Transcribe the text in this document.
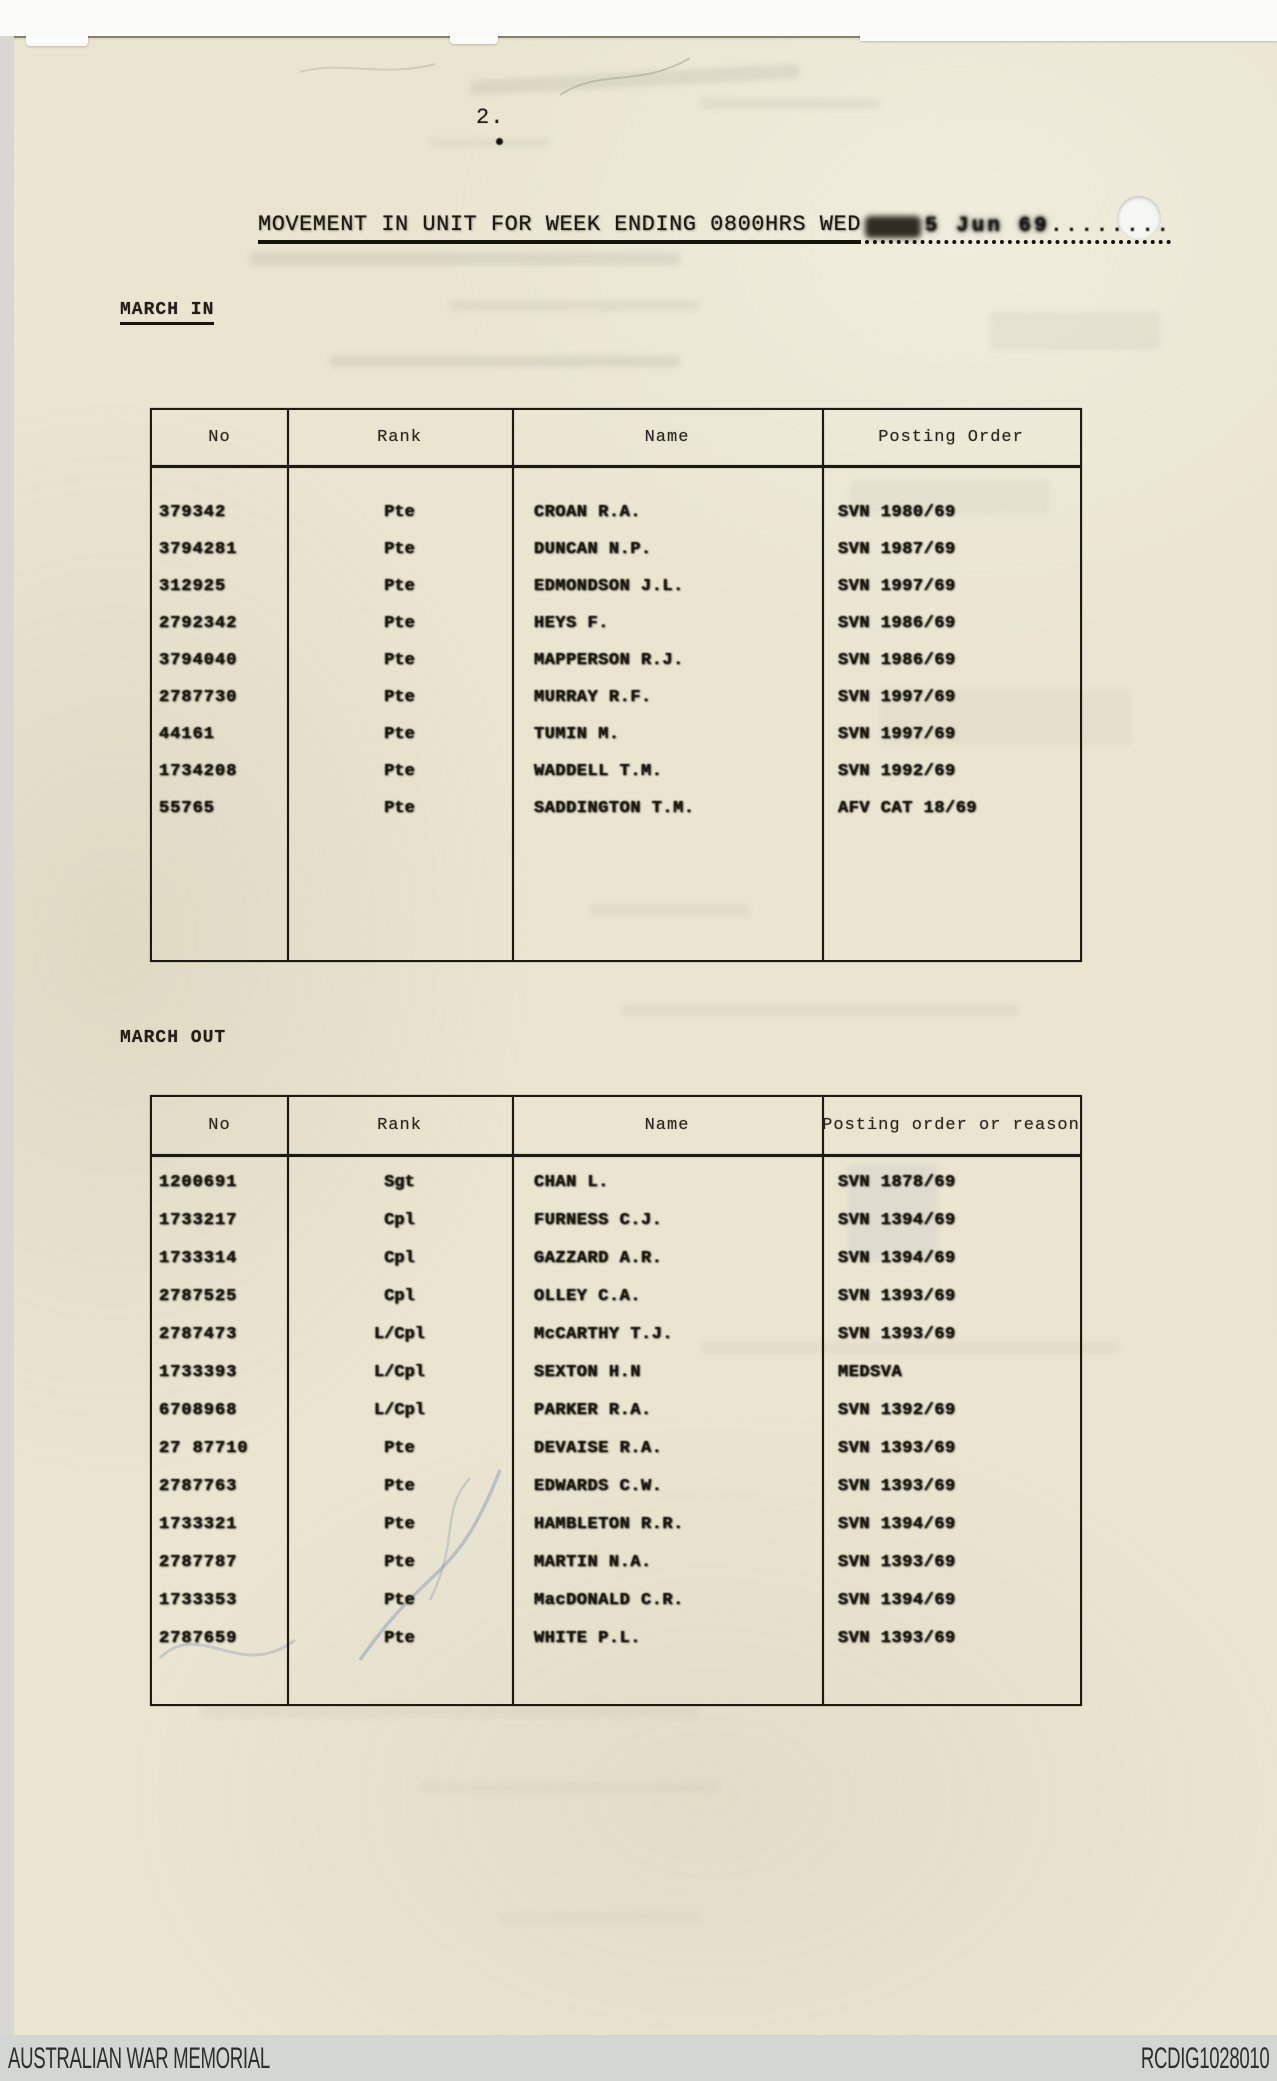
2.
MOVEMENT IN UNIT FOR WEEK ENDING 0800HRS WED	5 Jun 69 ........
MARCH IN
No	Rank	Name	Posting Order
379342	Pte	CROAN R.A.	SVN 1980/69
3794281	Pte	DUNCAN N.P.	SVN 1987/69
312925	Pte	EDMONDSON J.L.	SVN 1997/69
2792342	Pte	HEYS F.	SVN 1986/69
3794040	Pte	MAPPERSON R.J.	SVN 1986/69
2787730	Pte	MURRAY R.F.	SVN 1997/69
44161	Pte	TUMIN M.	SVN 1997/69
1734208	Pte	WADDELL T.M.	SVN 1992/69
55765	Pte	SADDINGTON T.M.	AFV CAT 18/69
MARCH OUT
No	Rank	Name	Posting order or reason
1200691	Sgt	CHAN L.	SVN 1878/69
1733217	Cpl	FURNESS C.J.	SVN 1394/69
1733314	Cpl	GAZZARD A.R.	SVN 1394/69
2787525	Cpl	OLLEY C.A.	SVN 1393/69
2787473	L/Cpl	McCARTHY T.J.	SVN 1393/69
1733393	L/Cpl	SEXTON H.N	MEDSVA
6708968	L/Cpl	PARKER R.A.	SVN 1392/69
27 87710	Pte	DEVAISE R.A.	SVN 1393/69
2787763	Pte	EDWARDS C.W.	SVN 1393/69
1733321	Pte	HAMBLETON R.R.	SVN 1394/69
2787787	Pte	MARTIN N.A.	SVN 1393/69
1733353	Pte	MacDONALD C.R.	SVN 1394/69
2787659	Pte	WHITE P.L.	SVN 1393/69
AUSTRALIAN WAR MEMORIAL	RCDIG1028010
